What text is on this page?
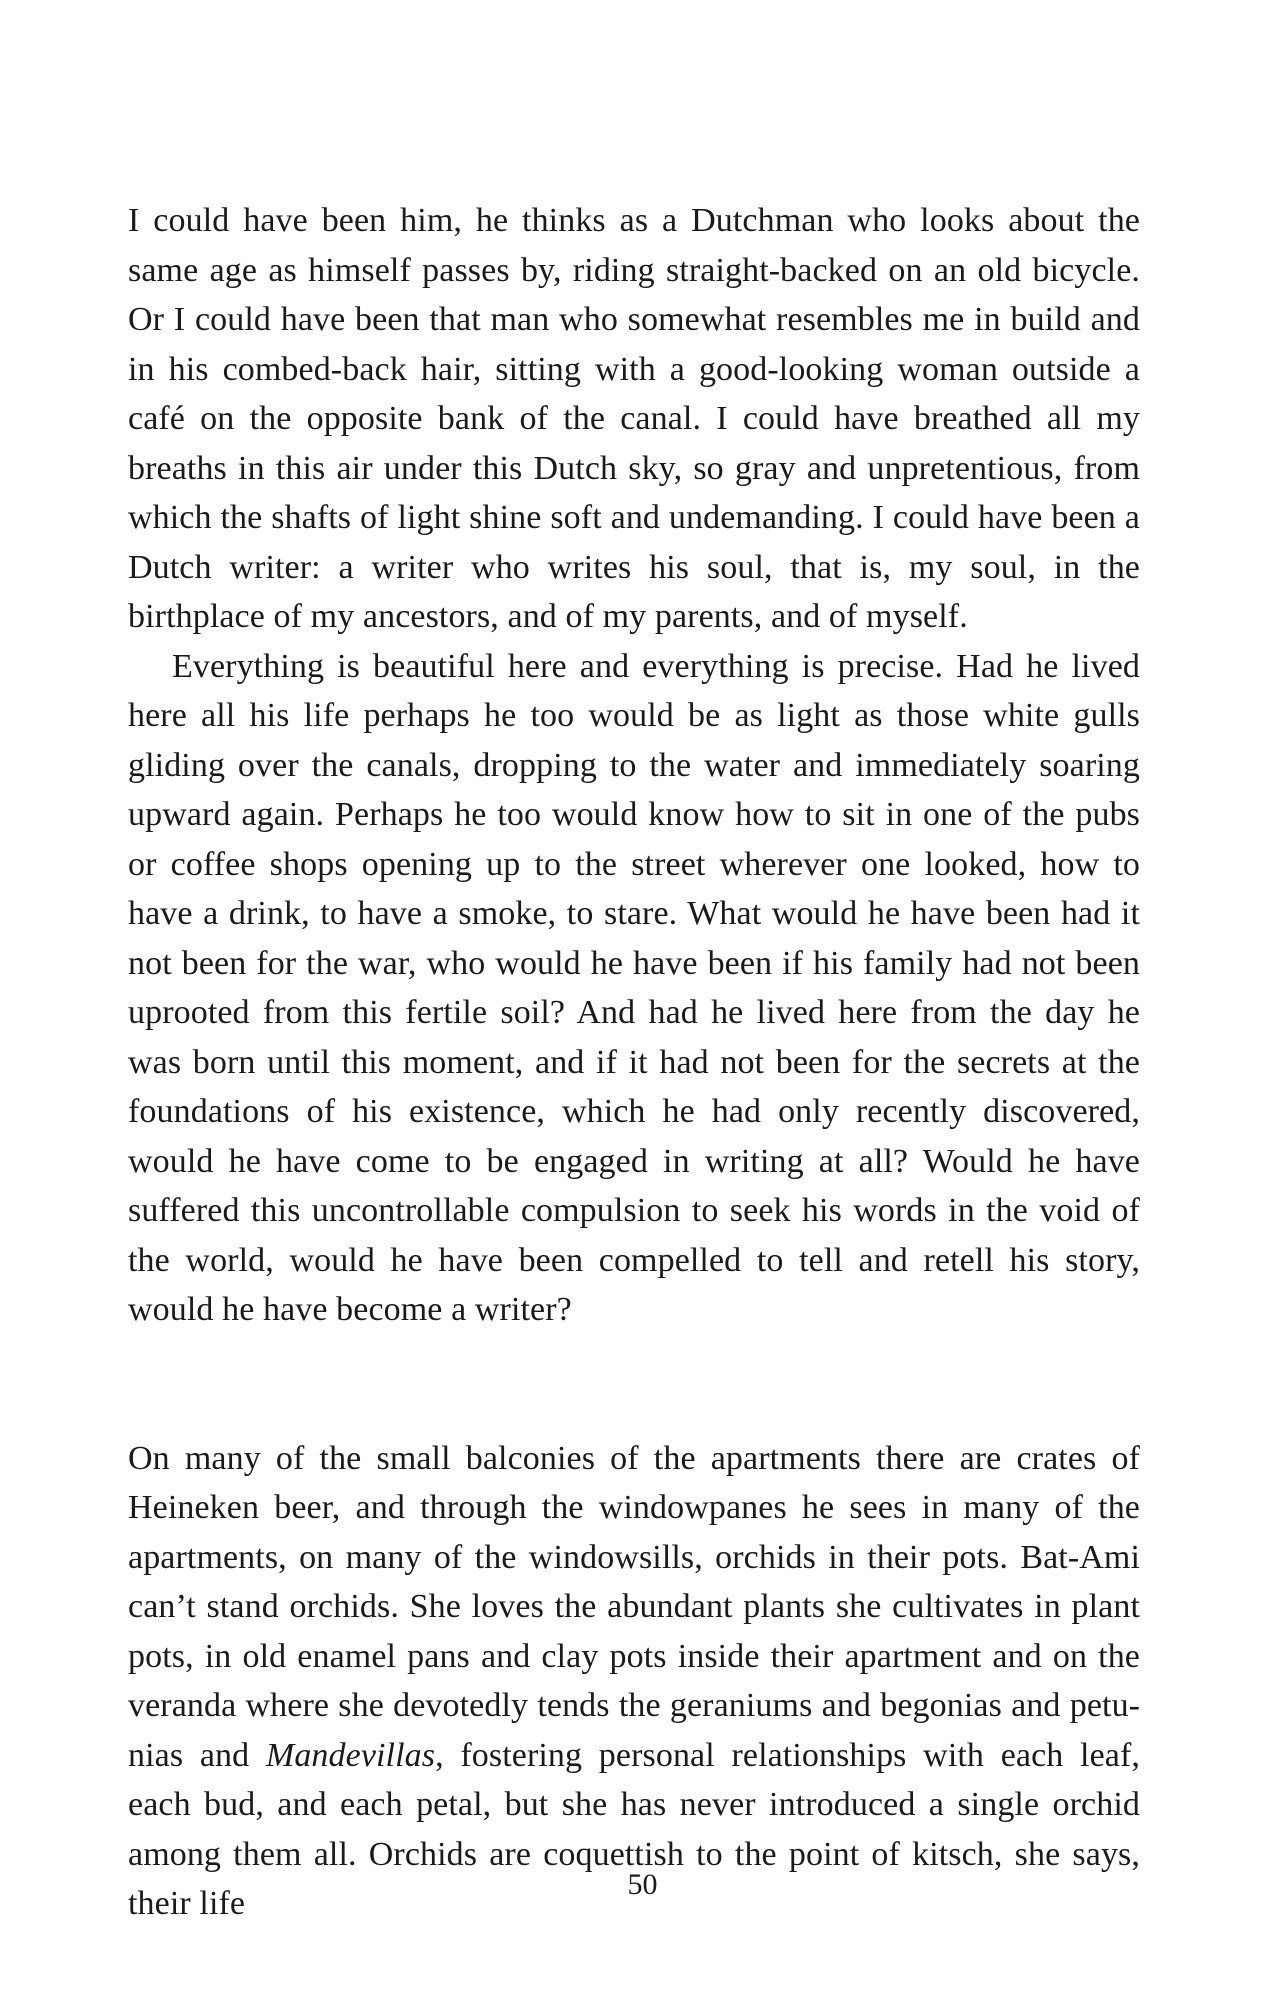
I could have been him, he thinks as a Dutchman who looks about the same age as himself passes by, riding straight-backed on an old bicycle. Or I could have been that man who somewhat resembles me in build and in his combed-back hair, sitting with a good-looking woman outside a café on the opposite bank of the canal. I could have breathed all my breaths in this air under this Dutch sky, so gray and unpretentious, from which the shafts of light shine soft and undemanding. I could have been a Dutch writer: a writer who writes his soul, that is, my soul, in the birthplace of my ancestors, and of my parents, and of myself.

Everything is beautiful here and everything is precise. Had he lived here all his life perhaps he too would be as light as those white gulls gliding over the canals, dropping to the water and immediately soaring upward again. Perhaps he too would know how to sit in one of the pubs or coffee shops opening up to the street wherever one looked, how to have a drink, to have a smoke, to stare. What would he have been had it not been for the war, who would he have been if his family had not been uprooted from this fertile soil? And had he lived here from the day he was born until this moment, and if it had not been for the secrets at the foundations of his existence, which he had only recently discovered, would he have come to be engaged in writing at all? Would he have suffered this uncontrollable compulsion to seek his words in the void of the world, would he have been compelled to tell and retell his story, would he have become a writer?

On many of the small balconies of the apartments there are crates of Heineken beer, and through the windowpanes he sees in many of the apartments, on many of the windowsills, orchids in their pots. Bat-Ami can’t stand orchids. She loves the abundant plants she cultivates in plant pots, in old enamel pans and clay pots inside their apartment and on the veranda where she devotedly tends the geraniums and begonias and petunias and Mandevillas, fostering personal relationships with each leaf, each bud, and each petal, but she has never introduced a single orchid among them all. Orchids are coquettish to the point of kitsch, she says, their life

50
